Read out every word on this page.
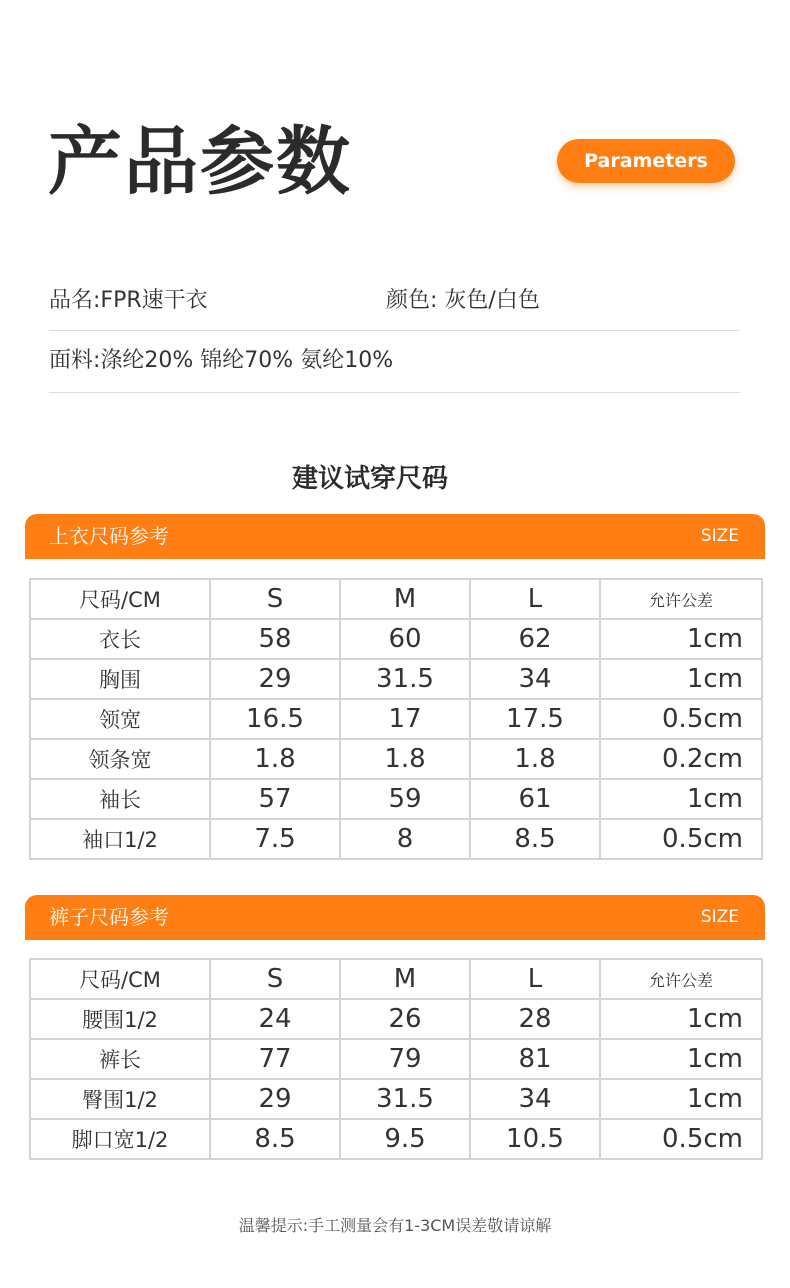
产品参数	Parameters
品名:FPR速干衣	颜色: 灰色/白色
面料:涤纶20% 锦纶70% 氨纶10%
建议试穿尺码
上衣尺码参考	SIZE
尺码/CM	S	M	L	允许公差
衣长	58	60	62	1cm
胸围	29	31.5	34	1cm
领宽	16.5	17	17.5	0.5cm
领条宽	1.8	1.8	1.8	0.2cm
袖长	57	59	61	1cm
袖口1/2	7.5	8	8.5	0.5cm
裤子尺码参考	SIZE
尺码/CM	S	M	L	允许公差
腰围1/2	24	26	28	1cm
裤长	77	79	81	1cm
臀围1/2	29	31.5	34	1cm
脚口宽1/2	8.5	9.5	10.5	0.5cm
温馨提示:手工测量会有1-3CM误差敬请谅解
